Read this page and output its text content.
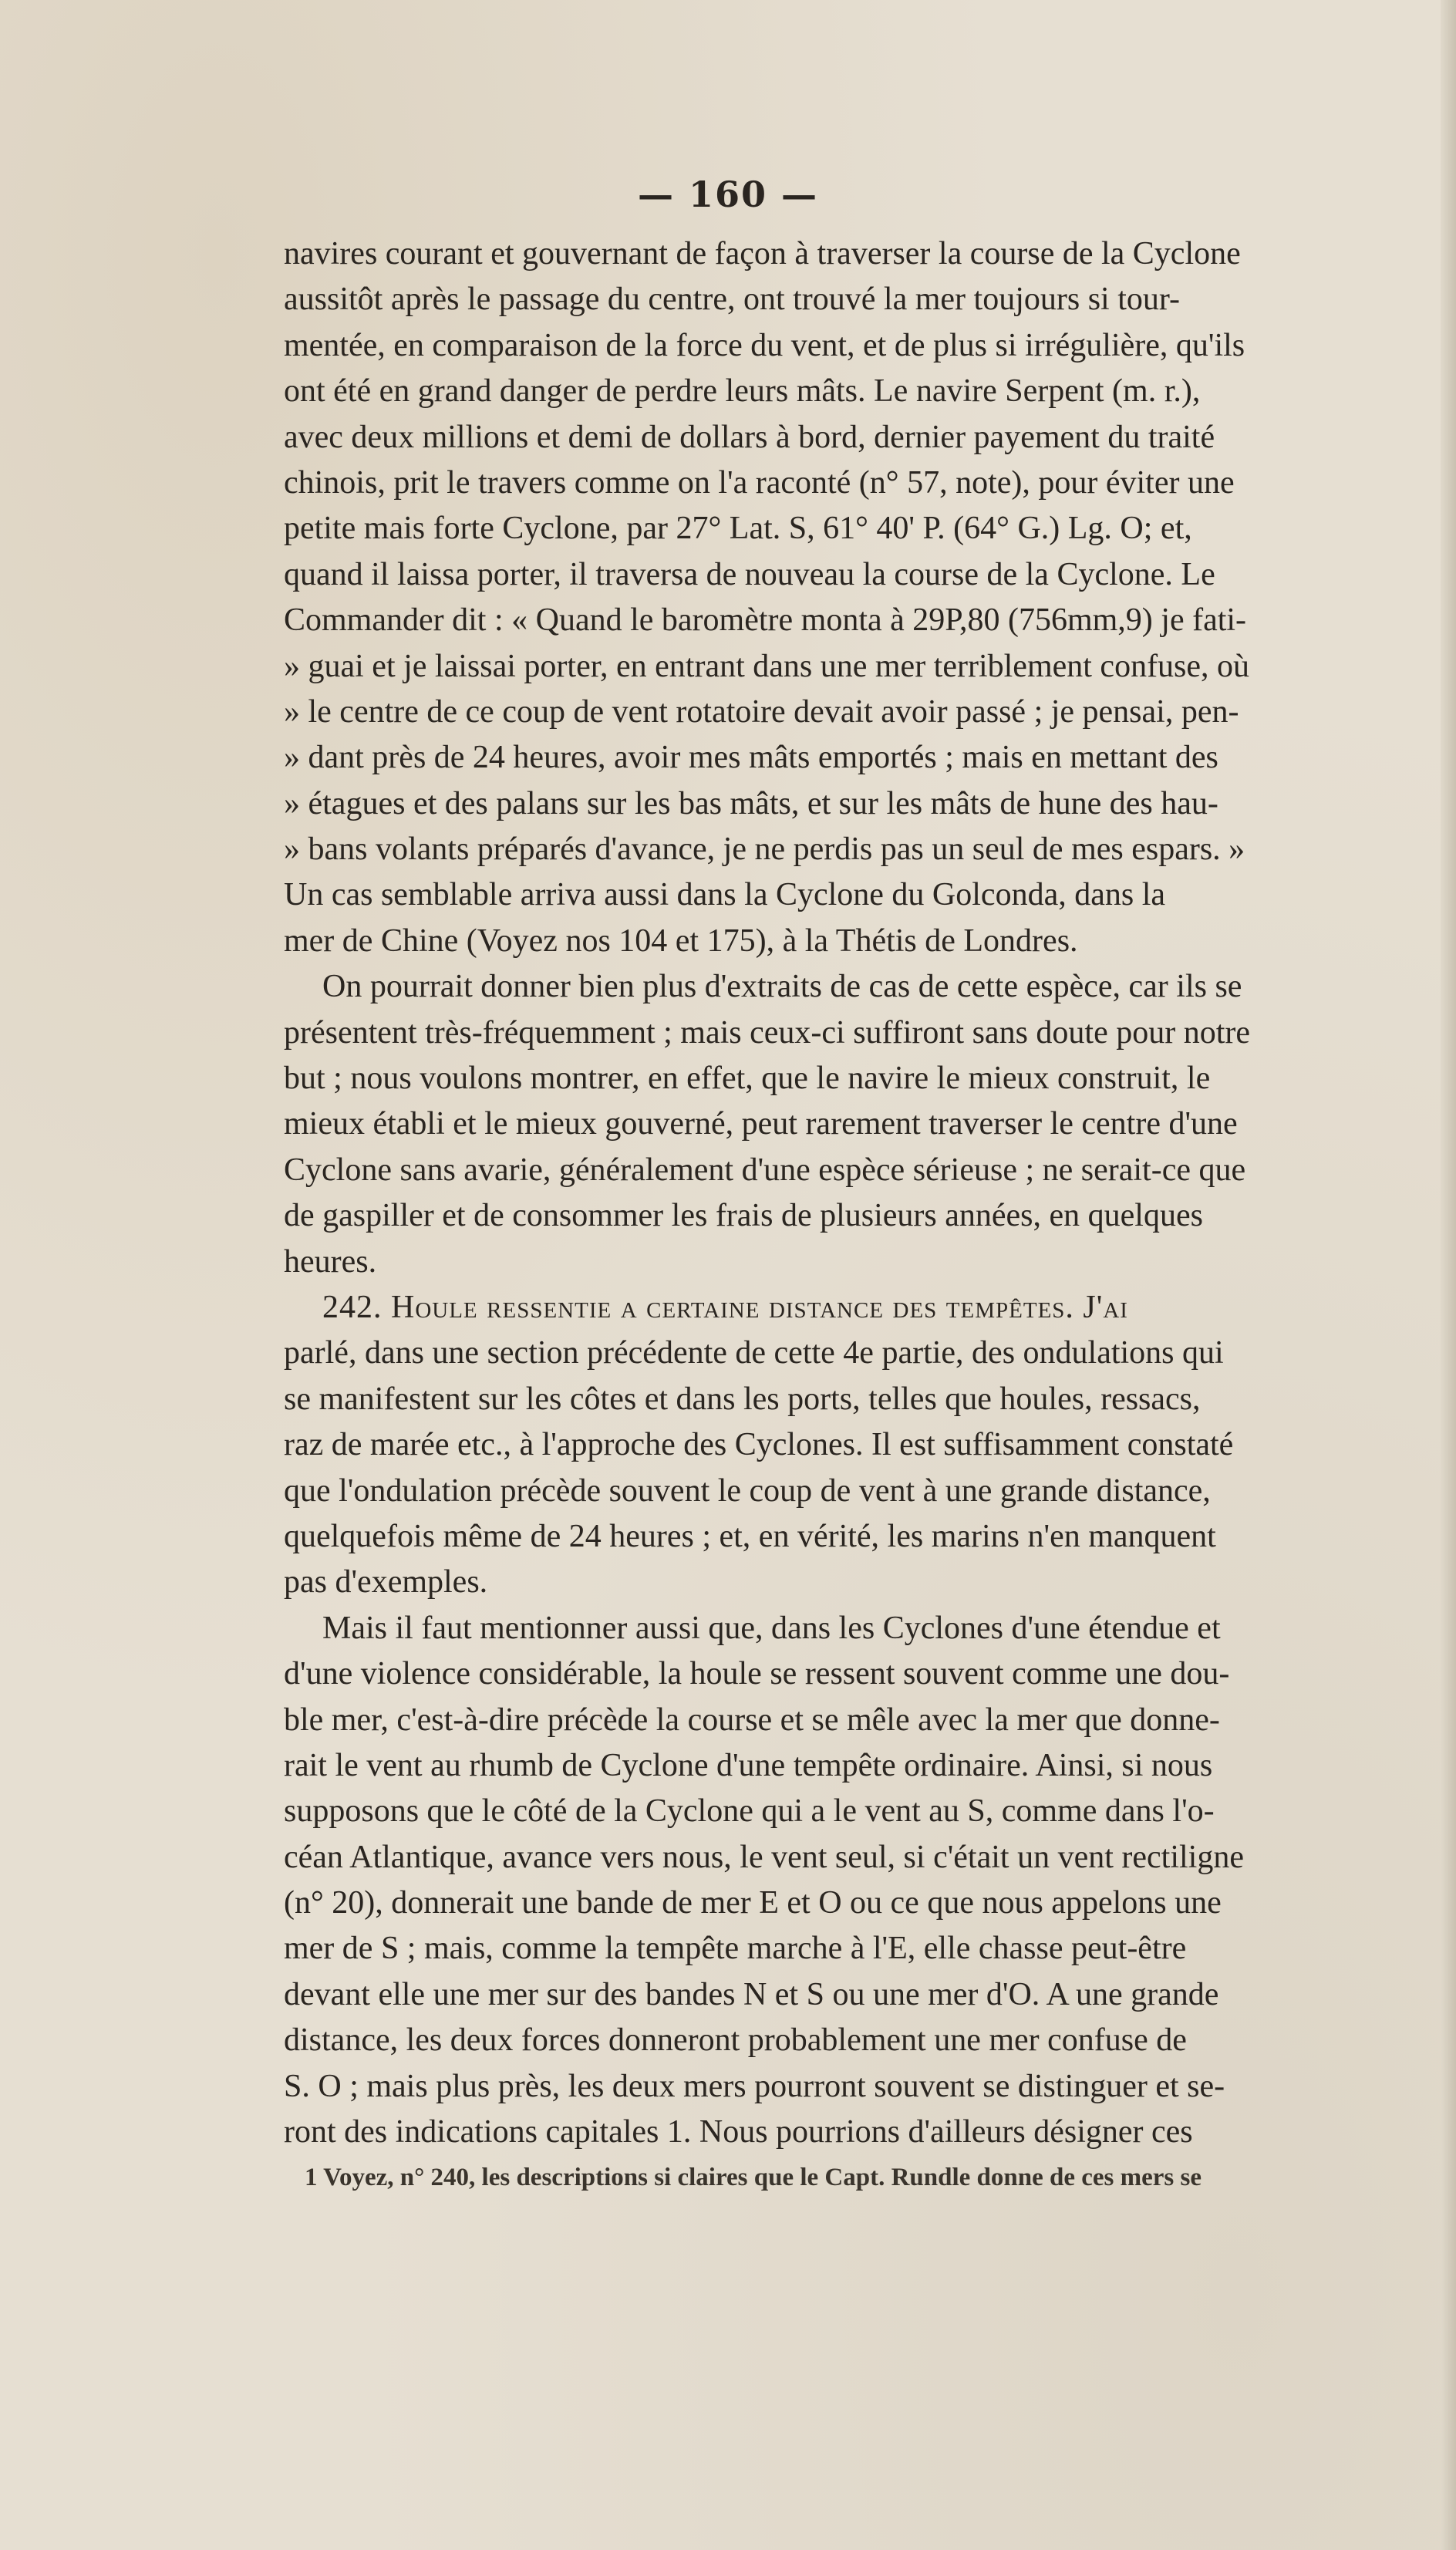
— 160 —
navires courant et gouvernant de façon à traverser la course de la Cyclone
aussitôt après le passage du centre, ont trouvé la mer toujours si tour-
mentée, en comparaison de la force du vent, et de plus si irrégulière, qu'ils
ont été en grand danger de perdre leurs mâts. Le navire Serpent (m. r.),
avec deux millions et demi de dollars à bord, dernier payement du traité
chinois, prit le travers comme on l'a raconté (n° 57, note), pour éviter une
petite mais forte Cyclone, par 27° Lat. S, 61° 40' P. (64° G.) Lg. O; et,
quand il laissa porter, il traversa de nouveau la course de la Cyclone. Le
Commander dit : « Quand le baromètre monta à 29P,80 (756mm,9) je fati-
» guai et je laissai porter, en entrant dans une mer terriblement confuse, où
» le centre de ce coup de vent rotatoire devait avoir passé ; je pensai, pen-
» dant près de 24 heures, avoir mes mâts emportés ; mais en mettant des
» étagues et des palans sur les bas mâts, et sur les mâts de hune des hau-
» bans volants préparés d'avance, je ne perdis pas un seul de mes espars. »
Un cas semblable arriva aussi dans la Cyclone du Golconda, dans la
mer de Chine (Voyez nos 104 et 175), à la Thétis de Londres.
On pourrait donner bien plus d'extraits de cas de cette espèce, car ils se
présentent très-fréquemment ; mais ceux-ci suffiront sans doute pour notre
but ; nous voulons montrer, en effet, que le navire le mieux construit, le
mieux établi et le mieux gouverné, peut rarement traverser le centre d'une
Cyclone sans avarie, généralement d'une espèce sérieuse ; ne serait-ce que
de gaspiller et de consommer les frais de plusieurs années, en quelques
heures.
242. Houle ressentie a certaine distance des tempêtes. J'ai
parlé, dans une section précédente de cette 4e partie, des ondulations qui
se manifestent sur les côtes et dans les ports, telles que houles, ressacs,
raz de marée etc., à l'approche des Cyclones. Il est suffisamment constaté
que l'ondulation précède souvent le coup de vent à une grande distance,
quelquefois même de 24 heures ; et, en vérité, les marins n'en manquent
pas d'exemples.
Mais il faut mentionner aussi que, dans les Cyclones d'une étendue et
d'une violence considérable, la houle se ressent souvent comme une dou-
ble mer, c'est-à-dire précède la course et se mêle avec la mer que donne-
rait le vent au rhumb de Cyclone d'une tempête ordinaire. Ainsi, si nous
supposons que le côté de la Cyclone qui a le vent au S, comme dans l'o-
céan Atlantique, avance vers nous, le vent seul, si c'était un vent rectiligne
(n° 20), donnerait une bande de mer E et O ou ce que nous appelons une
mer de S ; mais, comme la tempête marche à l'E, elle chasse peut-être
devant elle une mer sur des bandes N et S ou une mer d'O. A une grande
distance, les deux forces donneront probablement une mer confuse de
S. O ; mais plus près, les deux mers pourront souvent se distinguer et se-
ront des indications capitales 1. Nous pourrions d'ailleurs désigner ces
1 Voyez, n° 240, les descriptions si claires que le Capt. Rundle donne de ces mers se
